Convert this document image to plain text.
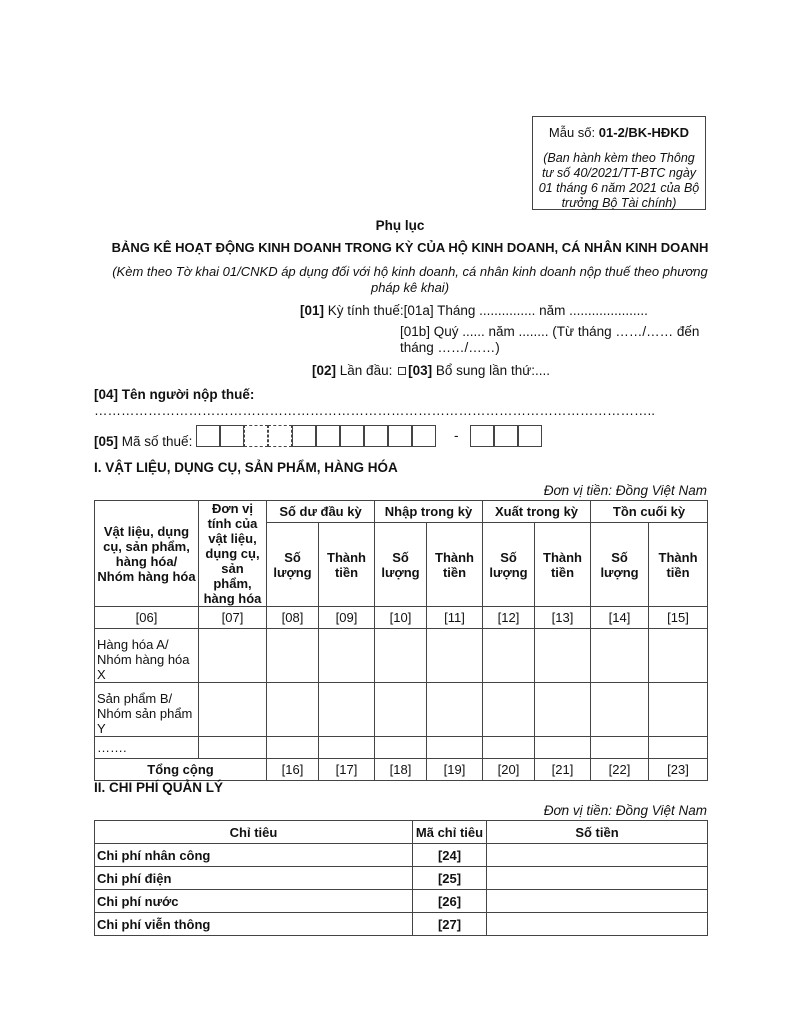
Mẫu số: 01-2/BK-HĐKD
(Ban hành kèm theo Thông tư số 40/2021/TT-BTC ngày 01 tháng 6 năm 2021 của Bộ trưởng Bộ Tài chính)
Phụ lục
BẢNG KÊ HOẠT ĐỘNG KINH DOANH TRONG KỲ CỦA HỘ KINH DOANH, CÁ NHÂN KINH DOANH
(Kèm theo Tờ khai 01/CNKD áp dụng đối với hộ kinh doanh, cá nhân kinh doanh nộp thuế theo phương
pháp kê khai)
[01] Kỳ tính thuế:[01a] Tháng ............... năm .....................
[01b] Quý ...... năm ........ (Từ tháng ……/…… đến
tháng ……/……)
[02] Lần đầu: [03] Bổ sung lần thứ:....
[04] Tên người nộp thuế:
……………………………………………………………………………………………………………..
[05] Mã số thuế:	-
I. VẬT LIỆU, DỤNG CỤ, SẢN PHẨM, HÀNG HÓA
Đơn vị tiền: Đồng Việt Nam
Vật liệu, dụng cụ, sản phẩm, hàng hóa/ Nhóm hàng hóa	Đơn vị tính của vật liệu, dụng cụ, sản phẩm, hàng hóa	Số dư đầu kỳ		Nhập trong kỳ		Xuất trong kỳ		Tồn cuối kỳ	
		Số lượng	Thành tiền	Số lượng	Thành tiền	Số lượng	Thành tiền	Số lượng	Thành tiền
[06]	[07]	[08]	[09]	[10]	[11]	[12]	[13]	[14]	[15]
Hàng hóa A/ Nhóm hàng hóa X									
Sản phẩm B/ Nhóm sản phẩm Y									
…….									
Tổng cộng		[16]	[17]	[18]	[19]	[20]	[21]	[22]	[23]
II. CHI PHÍ QUẢN LÝ
Đơn vị tiền: Đồng Việt Nam
Chỉ tiêu	Mã chỉ tiêu	Số tiền
Chi phí nhân công	[24]	
Chi phí điện	[25]	
Chi phí nước	[26]	
Chi phí viễn thông	[27]	
